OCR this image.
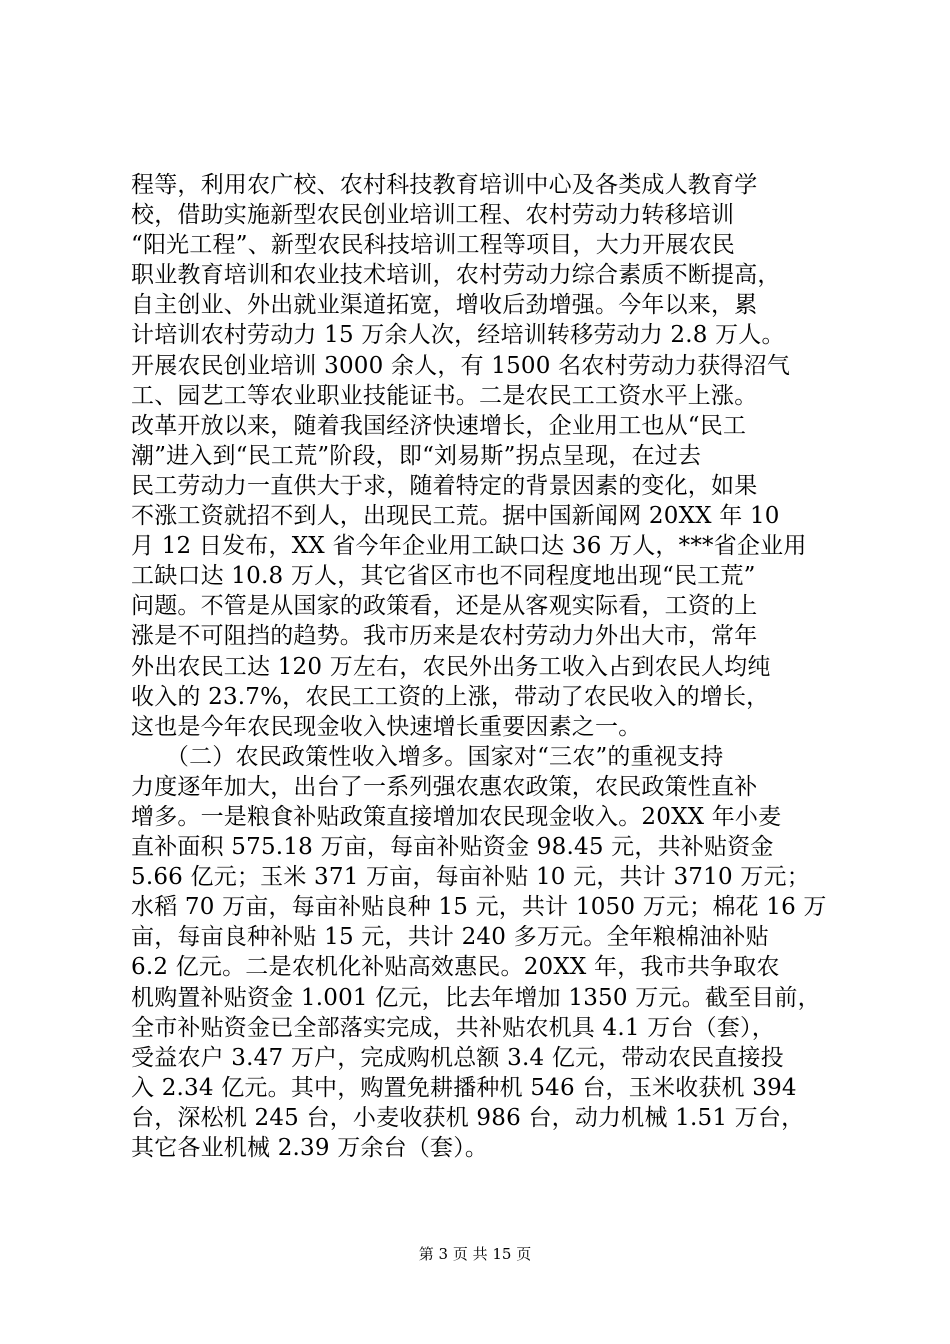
程等，利用农广校、农村科技教育培训中心及各类成人教育学
校，借助实施新型农民创业培训工程、农村劳动力转移培训
“阳光工程”、新型农民科技培训工程等项目，大力开展农民
职业教育培训和农业技术培训，农村劳动力综合素质不断提高，
自主创业、外出就业渠道拓宽，增收后劲增强。今年以来，累
计培训农村劳动力 15 万余人次，经培训转移劳动力 2.8 万人。
开展农民创业培训 3000 余人，有 1500 名农村劳动力获得沼气
工、园艺工等农业职业技能证书。二是农民工工资水平上涨。
改革开放以来，随着我国经济快速增长，企业用工也从“民工
潮”进入到“民工荒”阶段，即“刘易斯”拐点呈现，在过去
民工劳动力一直供大于求，随着特定的背景因素的变化，如果
不涨工资就招不到人，出现民工荒。据中国新闻网 20XX 年 10
月 12 日发布，XX 省今年企业用工缺口达 36 万人，***省企业用
工缺口达 10.8 万人，其它省区市也不同程度地出现“民工荒”
问题。不管是从国家的政策看，还是从客观实际看，工资的上
涨是不可阻挡的趋势。我市历来是农村劳动力外出大市，常年
外出农民工达 120 万左右，农民外出务工收入占到农民人均纯
收入的 23.7%，农民工工资的上涨，带动了农民收入的增长，
这也是今年农民现金收入快速增长重要因素之一。
　　（二）农民政策性收入增多。国家对“三农”的重视支持
力度逐年加大，出台了一系列强农惠农政策，农民政策性直补
增多。一是粮食补贴政策直接增加农民现金收入。20XX 年小麦
直补面积 575.18 万亩，每亩补贴资金 98.45 元，共补贴资金
5.66 亿元；玉米 371 万亩，每亩补贴 10 元，共计 3710 万元；
水稻 70 万亩，每亩补贴良种 15 元，共计 1050 万元；棉花 16 万
亩，每亩良种补贴 15 元，共计 240 多万元。全年粮棉油补贴
6.2 亿元。二是农机化补贴高效惠民。20XX 年，我市共争取农
机购置补贴资金 1.001 亿元，比去年增加 1350 万元。截至目前，
全市补贴资金已全部落实完成，共补贴农机具 4.1 万台（套），
受益农户 3.47 万户，完成购机总额 3.4 亿元，带动农民直接投
入 2.34 亿元。其中，购置免耕播种机 546 台，玉米收获机 394
台，深松机 245 台，小麦收获机 986 台，动力机械 1.51 万台，
其它各业机械 2.39 万余台（套）。
第 3 页 共 15 页
